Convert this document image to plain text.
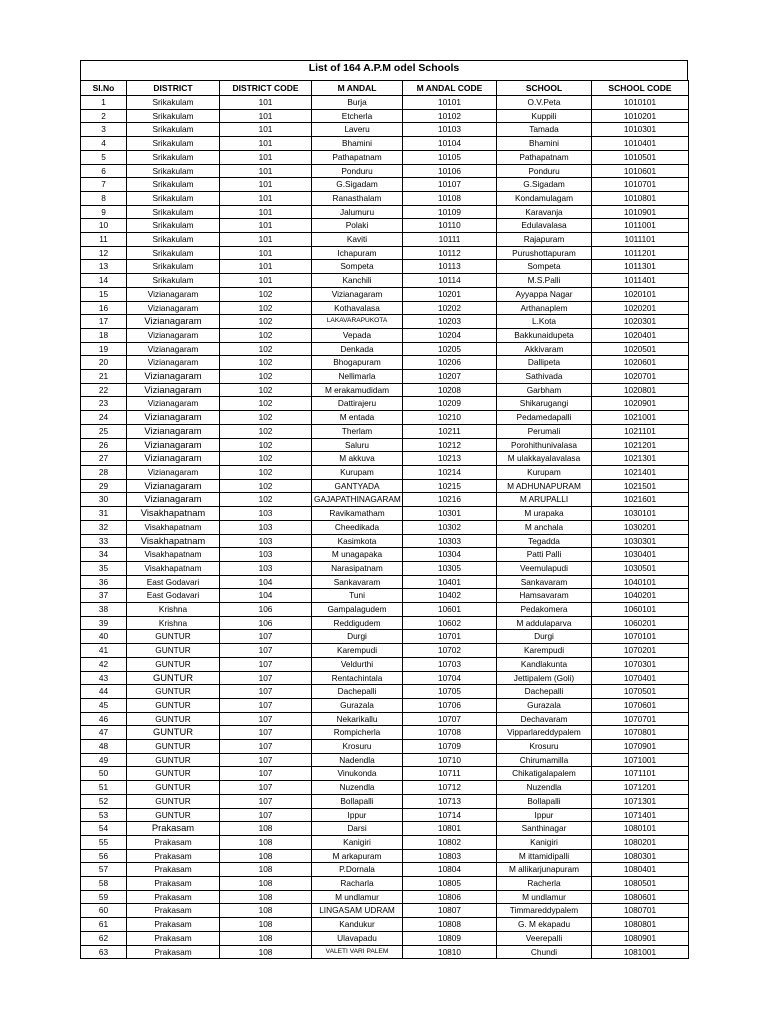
List of 164 A.P.M odel Schools
Sl.No	DISTRICT	DISTRICT CODE	M ANDAL	M ANDAL CODE	SCHOOL	SCHOOL CODE
1	Srikakulam	101	Burja	10101	O.V.Peta	1010101
2	Srikakulam	101	Etcherla	10102	Kuppili	1010201
3	Srikakulam	101	Laveru	10103	Tamada	1010301
4	Srikakulam	101	Bhamini	10104	Bhamini	1010401
5	Srikakulam	101	Pathapatnam	10105	Pathapatnam	1010501
6	Srikakulam	101	Ponduru	10106	Ponduru	1010601
7	Srikakulam	101	G.Sigadam	10107	G.Sigadam	1010701
8	Srikakulam	101	Ranasthalam	10108	Kondamulagam	1010801
9	Srikakulam	101	Jalumuru	10109	Karavanja	1010901
10	Srikakulam	101	Polaki	10110	Edulavalasa	1011001
11	Srikakulam	101	Kaviti	10111	Rajapuram	1011101
12	Srikakulam	101	Ichapuram	10112	Purushottapuram	1011201
13	Srikakulam	101	Sompeta	10113	Sompeta	1011301
14	Srikakulam	101	Kanchili	10114	M.S.Palli	1011401
15	Vizianagaram	102	Vizianagaram	10201	Ayyappa Nagar	1020101
16	Vizianagaram	102	Kothavalasa	10202	Arthanaplem	1020201
17	Vizianagaram	102	LAKAVARAPUKOTA	10203	L.Kota	1020301
18	Vizianagaram	102	Vepada	10204	Bakkunaidupeta	1020401
19	Vizianagaram	102	Denkada	10205	Akkivaram	1020501
20	Vizianagaram	102	Bhogapuram	10206	Dallipeta	1020601
21	Vizianagaram	102	Nellimarla	10207	Sathivada	1020701
22	Vizianagaram	102	M erakamudidam	10208	Garbham	1020801
23	Vizianagaram	102	Dattirajeru	10209	Shikarugangi	1020901
24	Vizianagaram	102	M entada	10210	Pedamedapalli	1021001
25	Vizianagaram	102	Therlam	10211	Perumali	1021101
26	Vizianagaram	102	Saluru	10212	Porohithunivalasa	1021201
27	Vizianagaram	102	M akkuva	10213	M ulakkayalavalasa	1021301
28	Vizianagaram	102	Kurupam	10214	Kurupam	1021401
29	Vizianagaram	102	GANTYADA	10215	M ADHUNAPURAM	1021501
30	Vizianagaram	102	GAJAPATHINAGARAM	10216	M ARUPALLI	1021601
31	Visakhapatnam	103	Ravikamatham	10301	M urapaka	1030101
32	Visakhapatnam	103	Cheedikada	10302	M anchala	1030201
33	Visakhapatnam	103	Kasimkota	10303	Tegadda	1030301
34	Visakhapatnam	103	M unagapaka	10304	Patti Palli	1030401
35	Visakhapatnam	103	Narasipatnam	10305	Veemulapudi	1030501
36	East Godavari	104	Sankavaram	10401	Sankavaram	1040101
37	East Godavari	104	Tuni	10402	Hamsavaram	1040201
38	Krishna	106	Gampalagudem	10601	Pedakomera	1060101
39	Krishna	106	Reddigudem	10602	M addulaparva	1060201
40	GUNTUR	107	Durgi	10701	Durgi	1070101
41	GUNTUR	107	Karempudi	10702	Karempudi	1070201
42	GUNTUR	107	Veldurthi	10703	Kandlakunta	1070301
43	GUNTUR	107	Rentachintala	10704	Jettipalem (Goli)	1070401
44	GUNTUR	107	Dachepalli	10705	Dachepalli	1070501
45	GUNTUR	107	Gurazala	10706	Gurazala	1070601
46	GUNTUR	107	Nekarikallu	10707	Dechavaram	1070701
47	GUNTUR	107	Rompicherla	10708	Vipparlareddypalem	1070801
48	GUNTUR	107	Krosuru	10709	Krosuru	1070901
49	GUNTUR	107	Nadendla	10710	Chirumamilla	1071001
50	GUNTUR	107	Vinukonda	10711	Chikatigalapalem	1071101
51	GUNTUR	107	Nuzendla	10712	Nuzendla	1071201
52	GUNTUR	107	Bollapalli	10713	Bollapalli	1071301
53	GUNTUR	107	Ippur	10714	Ippur	1071401
54	Prakasam	108	Darsi	10801	Santhinagar	1080101
55	Prakasam	108	Kanigiri	10802	Kanigiri	1080201
56	Prakasam	108	M arkapuram	10803	M ittamidipalli	1080301
57	Prakasam	108	P.Dornala	10804	M allikarjunapuram	1080401
58	Prakasam	108	Racharla	10805	Racherla	1080501
59	Prakasam	108	M undlamur	10806	M undlamur	1080601
60	Prakasam	108	LINGASAM UDRAM	10807	Timmareddypalem	1080701
61	Prakasam	108	Kandukur	10808	G. M ekapadu	1080801
62	Prakasam	108	Ulavapadu	10809	Veerepalli	1080901
63	Prakasam	108	VALETI VARI PALEM	10810	Chundi	1081001
